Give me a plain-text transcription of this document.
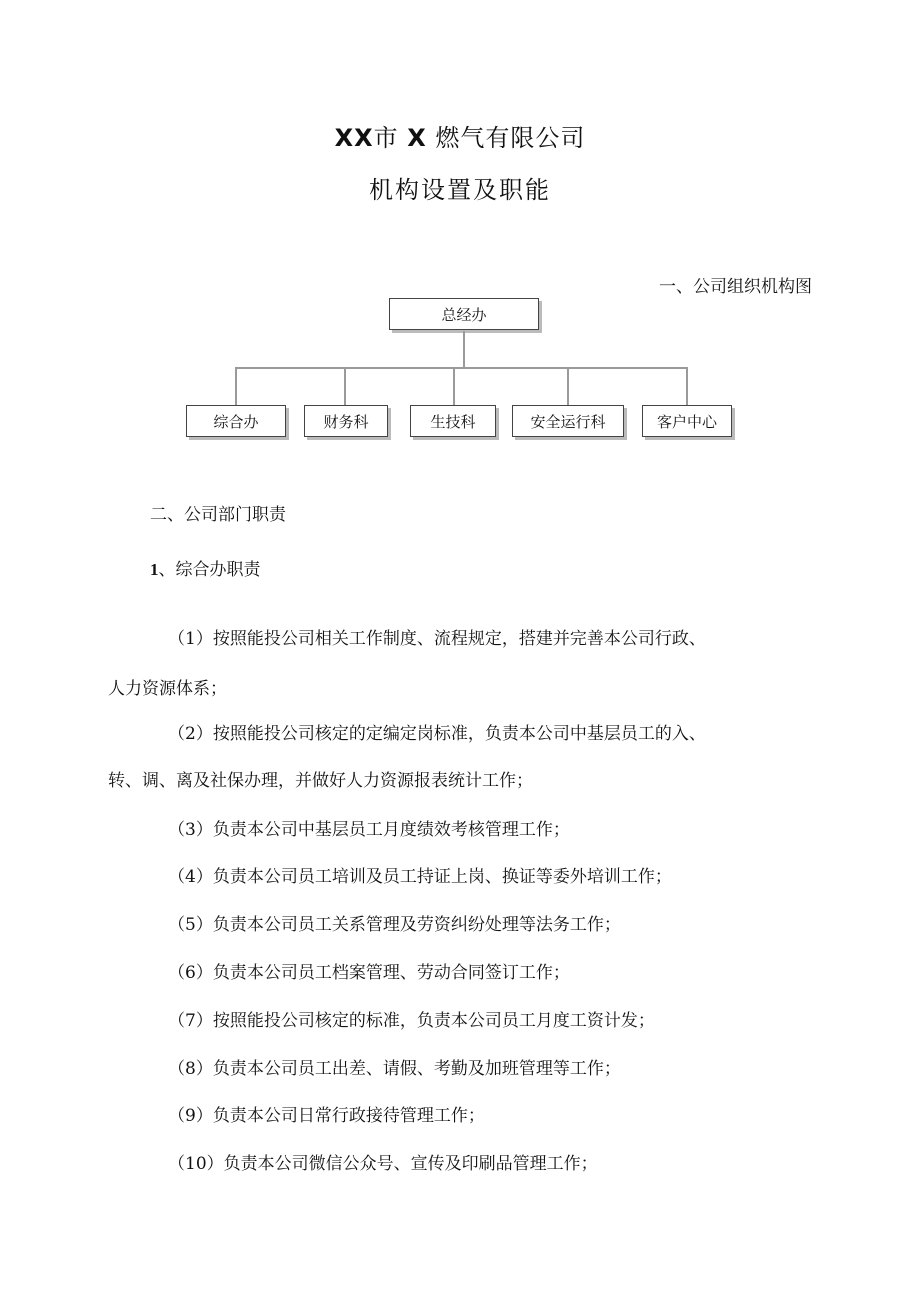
XX市 X 燃气有限公司
机构设置及职能
一、公司组织机构图
总经办
综合办	财务科	生技科	安全运行科	客户中心
二、公司部门职责
1、综合办职责
（1）按照能投公司相关工作制度、流程规定，搭建并完善本公司行政、
人力资源体系；
（2）按照能投公司核定的定编定岗标准，负责本公司中基层员工的入、
转、调、离及社保办理，并做好人力资源报表统计工作；
（3）负责本公司中基层员工月度绩效考核管理工作；
（4）负责本公司员工培训及员工持证上岗、换证等委外培训工作；
（5）负责本公司员工关系管理及劳资纠纷处理等法务工作；
（6）负责本公司员工档案管理、劳动合同签订工作；
（7）按照能投公司核定的标准，负责本公司员工月度工资计发；
（8）负责本公司员工出差、请假、考勤及加班管理等工作；
（9）负责本公司日常行政接待管理工作；
（10）负责本公司微信公众号、宣传及印刷品管理工作；
